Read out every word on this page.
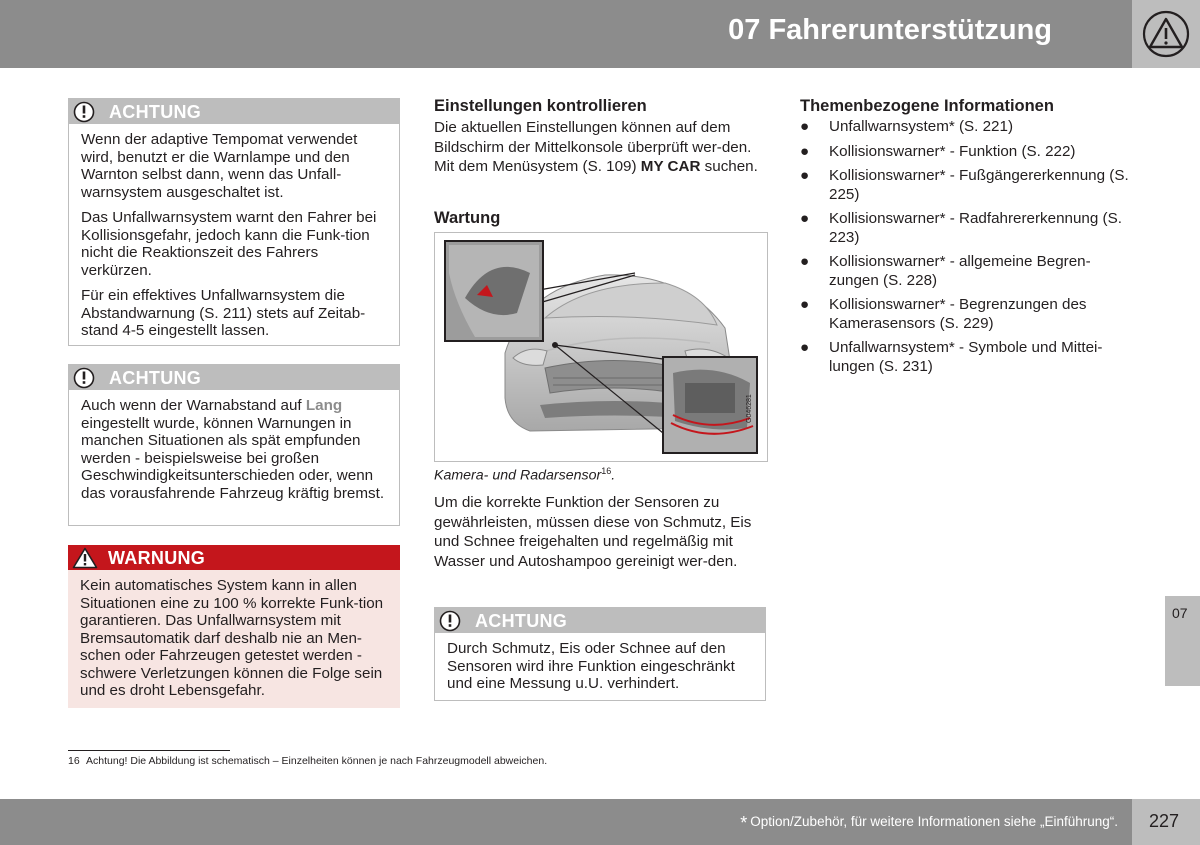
07 Fahrerunterstützung
ACHTUNG

Wenn der adaptive Tempomat verwendet wird, benutzt er die Warnlampe und den Warnton selbst dann, wenn das Unfall-warnsystem ausgeschaltet ist.

Das Unfallwarnsystem warnt den Fahrer bei Kollisionsgefahr, jedoch kann die Funk-tion nicht die Reaktionszeit des Fahrers verkürzen.

Für ein effektives Unfallwarnsystem die Abstandwarnung (S. 211) stets auf Zeitab-stand 4-5 eingestellt lassen.

ACHTUNG

Auch wenn der Warnabstand auf Lang eingestellt wurde, können Warnungen in manchen Situationen als spät empfunden werden - beispielsweise bei großen Geschwindigkeitsunterschieden oder, wenn das vorausfahrende Fahrzeug kräftig bremst.

WARNUNG

Kein automatisches System kann in allen Situationen eine zu 100 % korrekte Funk-tion garantieren. Das Unfallwarnsystem mit Bremsautomatik darf deshalb nie an Men-schen oder Fahrzeugen getestet werden - schwere Verletzungen können die Folge sein und es droht Lebensgefahr.

Einstellungen kontrollieren
Die aktuellen Einstellungen können auf dem Bildschirm der Mittelkonsole überprüft wer-den. Mit dem Menüsystem (S. 109) MY CAR suchen.
Wartung
G046281
Kamera- und Radarsensor$^{16}$.
Um die korrekte Funktion der Sensoren zu gewährleisten, müssen diese von Schmutz, Eis und Schnee freigehalten und regelmäßig mit Wasser und Autoshampoo gereinigt wer-den.
ACHTUNG

Durch Schmutz, Eis oder Schnee auf den Sensoren wird ihre Funktion eingeschränkt und eine Messung u.U. verhindert.

Themenbezogene Informationen
● Unfallwarnsystem* (S. 221)
● Kollisionswarner* - Funktion (S. 222)
● Kollisionswarner* - Fußgängererkennung (S. 225)
● Kollisionswarner* - Radfahrererkennung (S. 223)
● Kollisionswarner* - allgemeine Begren-zungen (S. 228)
● Kollisionswarner* - Begrenzungen des Kamerasensors (S. 229)
● Unfallwarnsystem* - Symbole und Mittei-lungen (S. 231)
07
16 Achtung! Die Abbildung ist schematisch – Einzelheiten können je nach Fahrzeugmodell abweichen.
* Option/Zubehör, für weitere Informationen siehe „Einführung“. 227
